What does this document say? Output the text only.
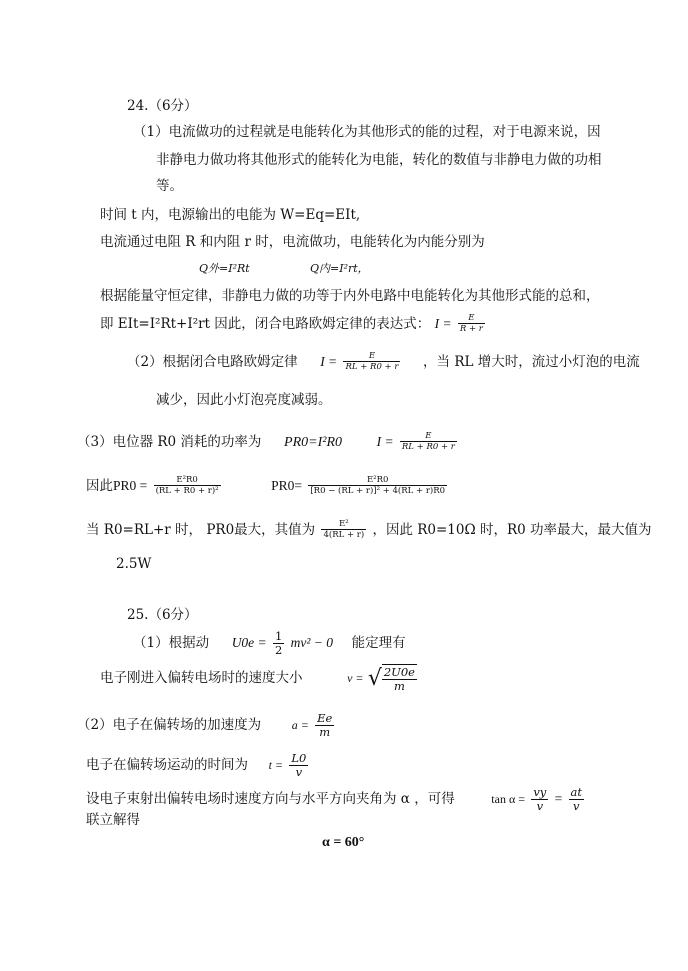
24.（6分）
（1）电流做功的过程就是电能转化为其他形式的能的过程，对于电源来说，因
非静电力做功将其他形式的能转化为电能，转化的数值与非静电力做的功相
等。
时间 t 内，电源输出的电能为 W=Eq=EIt,
电流通过电阻 R 和内阻 r 时，电流做功，电能转化为内能分别为
Q外=I²Rt	Q内=I²rt，
根据能量守恒定律，非静电力做的功等于内外电路中电能转化为其他形式能的总和，
即 EIt=I²Rt+I²rt 因此，闭合电路欧姆定律的表达式： $I = \frac{E}{R + r}$
（2）根据闭合电路欧姆定律 $I = \frac{E}{RL + R0 + r}$ ，当 RL 增大时，流过小灯泡的电流
减少，因此小灯泡亮度减弱。
（3）电位器 R0 消耗的功率为 PR0=I²R0	$I = \frac{E}{RL + R0 + r}$
因此$PR0 = \frac{\text{E²R0}}{\text{(RL + R0 + r)²}}$	$PR0= \frac{\text{E²R0}}{\text{[R0 − (RL + r)]² + 4(RL + r)R0}}$
当 R0=RL+r 时， PR0最大，其值为 $\frac{\text{E²}}{4(RL + r)}$ ，因此 R0=10Ω 时，R0 功率最大，最大值为
2.5W
25.（6分）
（1）根据动 $U0e = \frac{1}{2} mv^2 - 0$ 能定理有
电子刚进入偏转电场时的速度大小	v = √ $\frac{2U0e}{m}$
（2）电子在偏转场的加速度为	$a = \frac{Ee}{m}$
电子在偏转场运动的时间为 $t = \frac{L0}{v}$
设电子束射出偏转电场时速度方向与水平方向夹角为 α ，可得	$\tan \alpha = \frac{vy}{v} = \frac{at}{v}$
联立解得
α = 60°
